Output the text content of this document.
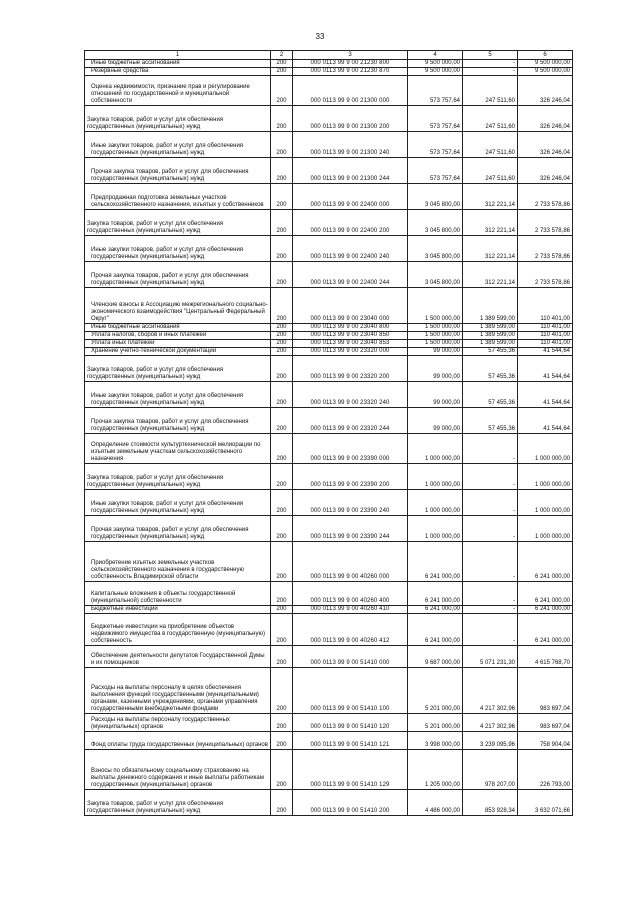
33
1	2	3	4	5	6
Иные бюджетные ассигнования	200	000 0113 99 9 00 21230 800	9 500 000,00	-	9 500 000,00
Резервные средства	200	000 0113 99 9 00 21230 870	9 500 000,00	-	9 500 000,00
Оценка недвижимости, признание прав и регулирование отношений по государственной и муниципальной собственности	200	000 0113 99 9 00 21300 000	573 757,64	247 511,60	326 246,04
Закупка товаров, работ и услуг для обеспечения государственных (муниципальных) нужд	200	000 0113 99 9 00 21300 200	573 757,64	247 511,60	326 246,04
Иные закупки товаров, работ и услуг для обеспечения государственных (муниципальных) нужд	200	000 0113 99 9 00 21300 240	573 757,64	247 511,60	326 246,04
Прочая закупка товаров, работ и услуг для обеспечения государственных (муниципальных) нужд	200	000 0113 99 9 00 21300 244	573 757,64	247 511,60	326 246,04
Предпродажная подготовка земельных участков сельскохозяйственного назначения, изъятых у собственников	200	000 0113 99 9 00 22400 000	3 045 800,00	312 221,14	2 733 578,86
Закупка товаров, работ и услуг для обеспечения государственных (муниципальных) нужд	200	000 0113 99 9 00 22400 200	3 045 800,00	312 221,14	2 733 578,86
Иные закупки товаров, работ и услуг для обеспечения государственных (муниципальных) нужд	200	000 0113 99 9 00 22400 240	3 045 800,00	312 221,14	2 733 578,86
Прочая закупка товаров, работ и услуг для обеспечения государственных (муниципальных) нужд	200	000 0113 99 9 00 22400 244	3 045 800,00	312 221,14	2 733 578,86
Членские взносы в Ассоциацию межрегионального социально-экономического взаимодействия "Центральный Федеральный Округ"	200	000 0113 99 9 00 23040 000	1 500 000,00	1 389 599,00	110 401,00
Иные бюджетные ассигнования	200	000 0113 99 9 00 23040 800	1 500 000,00	1 389 599,00	110 401,00
Уплата налогов, сборов и иных платежей	200	000 0113 99 9 00 23040 850	1 500 000,00	1 389 599,00	110 401,00
Уплата иных платежей	200	000 0113 99 9 00 23040 853	1 500 000,00	1 389 599,00	110 401,00
Хранение учетно-технической документации	200	000 0113 99 9 00 23320 000	99 000,00	57 455,36	41 544,64
Закупка товаров, работ и услуг для обеспечения государственных (муниципальных) нужд	200	000 0113 99 9 00 23320 200	99 000,00	57 455,36	41 544,64
Иные закупки товаров, работ и услуг для обеспечения государственных (муниципальных) нужд	200	000 0113 99 9 00 23320 240	99 000,00	57 455,36	41 544,64
Прочая закупка товаров, работ и услуг для обеспечения государственных (муниципальных) нужд	200	000 0113 99 9 00 23320 244	99 000,00	57 455,36	41 544,64
Определение стоимости культуртехнической мелиорации по изъятым земельным участкам сельскохозяйственного назначения	200	000 0113 99 9 00 23390 000	1 000 000,00	-	1 000 000,00
Закупка товаров, работ и услуг для обеспечения государственных (муниципальных) нужд	200	000 0113 99 9 00 23390 200	1 000 000,00	-	1 000 000,00
Иные закупки товаров, работ и услуг для обеспечения государственных (муниципальных) нужд	200	000 0113 99 9 00 23390 240	1 000 000,00	-	1 000 000,00
Прочая закупка товаров, работ и услуг для обеспечения государственных (муниципальных) нужд	200	000 0113 99 9 00 23390 244	1 000 000,00	-	1 000 000,00
Приобретение изъятых земельных участков сельскохозяйственного назначения в государственную собственность Владимирской области	200	000 0113 99 9 00 40260 000	6 241 000,00	-	6 241 000,00
Капитальные вложения в объекты государственной (муниципальной) собственности	200	000 0113 99 9 00 40260 400	6 241 000,00	-	6 241 000,00
Бюджетные инвестиции	200	000 0113 99 9 00 40260 410	6 241 000,00	-	6 241 000,00
Бюджетные инвестиции на приобретение объектов недвижимого имущества в государственную (муниципальную) собственность	200	000 0113 99 9 00 40260 412	6 241 000,00	-	6 241 000,00
Обеспечение деятельности депутатов Государственной Думы и их помощников	200	000 0113 99 9 00 51410 000	9 687 000,00	5 071 231,30	4 615 768,70
Расходы на выплаты персоналу в целях обеспечения выполнения функций государственными (муниципальными) органами, казенными учреждениями, органами управления государственными внебюджетными фондами	200	000 0113 99 9 00 51410 100	5 201 000,00	4 217 302,96	983 697,04
Расходы на выплаты персоналу государственных (муниципальных) органов	200	000 0113 99 9 00 51410 120	5 201 000,00	4 217 302,96	983 697,04
Фонд оплаты труда государственных (муниципальных) органов	200	000 0113 99 9 00 51410 121	3 998 000,00	3 239 095,96	758 904,04
Взносы по обязательному социальному страхованию на выплаты денежного содержания и иные выплаты работникам государственных (муниципальных) органов	200	000 0113 99 9 00 51410 129	1 205 000,00	978 207,00	226 793,00
Закупка товаров, работ и услуг для обеспечения государственных (муниципальных) нужд	200	000 0113 99 9 00 51410 200	4 486 000,00	853 928,34	3 632 071,66
